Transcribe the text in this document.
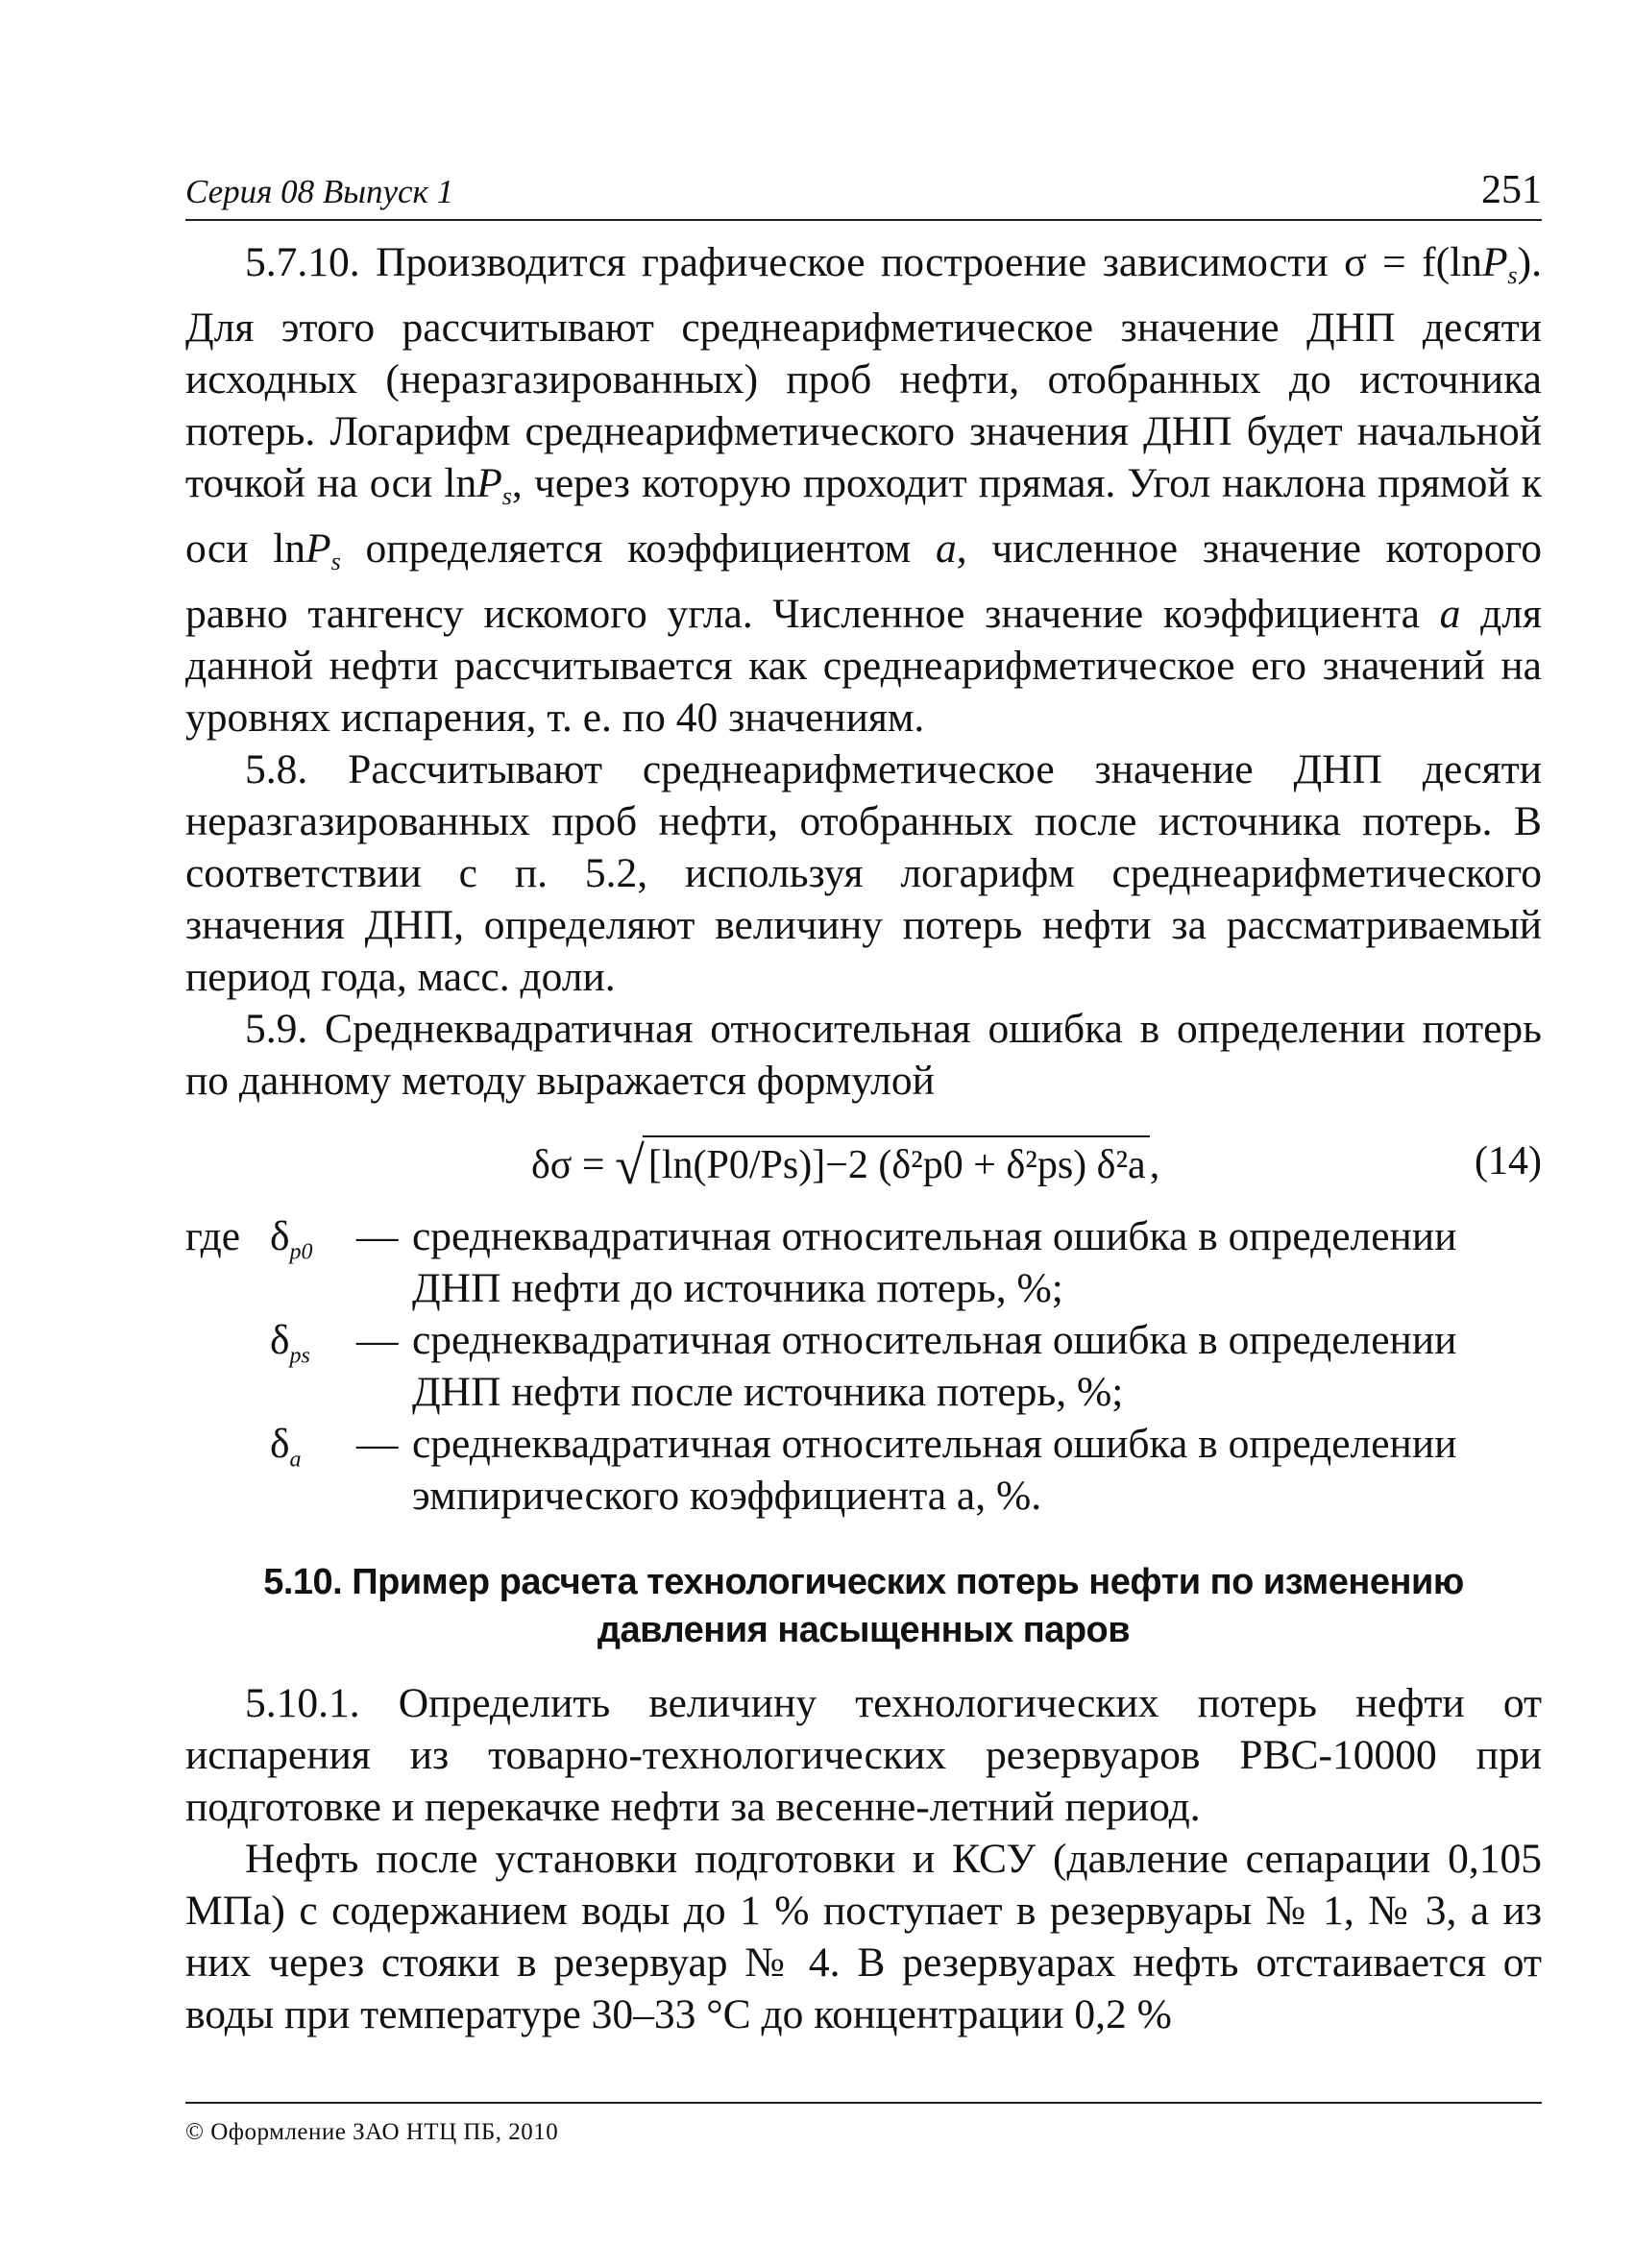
Серия 08 Выпуск 1	251

5.7.10. Производится графическое построение зависимости σ = f(lnP$_s$). Для этого рассчитывают среднеарифметическое значение ДНП десяти исходных (неразгазированных) проб нефти, отобранных до источника потерь. Логарифм среднеарифметического значения ДНП будет начальной точкой на оси lnP$_s$, через которую проходит прямая. Угол наклона прямой к оси lnP$_s$ определяется коэффициентом a, численное значение которого равно тангенсу искомого угла. Численное значение коэффициента a для данной нефти рассчитывается как среднеарифметическое его значений на уровнях испарения, т. е. по 40 значениям.

5.8. Рассчитывают среднеарифметическое значение ДНП десяти неразгазированных проб нефти, отобранных после источника потерь. В соответствии с п. 5.2, используя логарифм среднеарифметического значения ДНП, определяют величину потерь нефти за рассматриваемый период года, масс. доли.

5.9. Среднеквадратичная относительная ошибка в определении потерь по данному методу выражается формулой

δσ = √[ln(P0/Ps)]−2 (δ²p0 + δ²ps) δ²a,	(14)
где $\delta_{p0}$ — среднеквадратичная относительная ошибка в определении
ДНП нефти до источника потерь, %;
$\delta_{ps}$ — среднеквадратичная относительная ошибка в определении
ДНП нефти после источника потерь, %;
$\delta_a$ — среднеквадратичная относительная ошибка в определении
эмпирического коэффициента a, %.
5.10. Пример расчета технологических потерь нефти по изменению
давления насыщенных паров

5.10.1. Определить величину технологических потерь нефти от испарения из товарно-технологических резервуаров РВС-10000 при подготовке и перекачке нефти за весенне-летний период.

Нефть после установки подготовки и КСУ (давление сепарации 0,105 МПа) с содержанием воды до 1 % поступает в резервуары № 1, № 3, а из них через стояки в резервуар № 4. В резервуарах нефть отстаивается от воды при температуре 30–33 °С до концентрации 0,2 %

© Оформление ЗАО НТЦ ПБ, 2010
